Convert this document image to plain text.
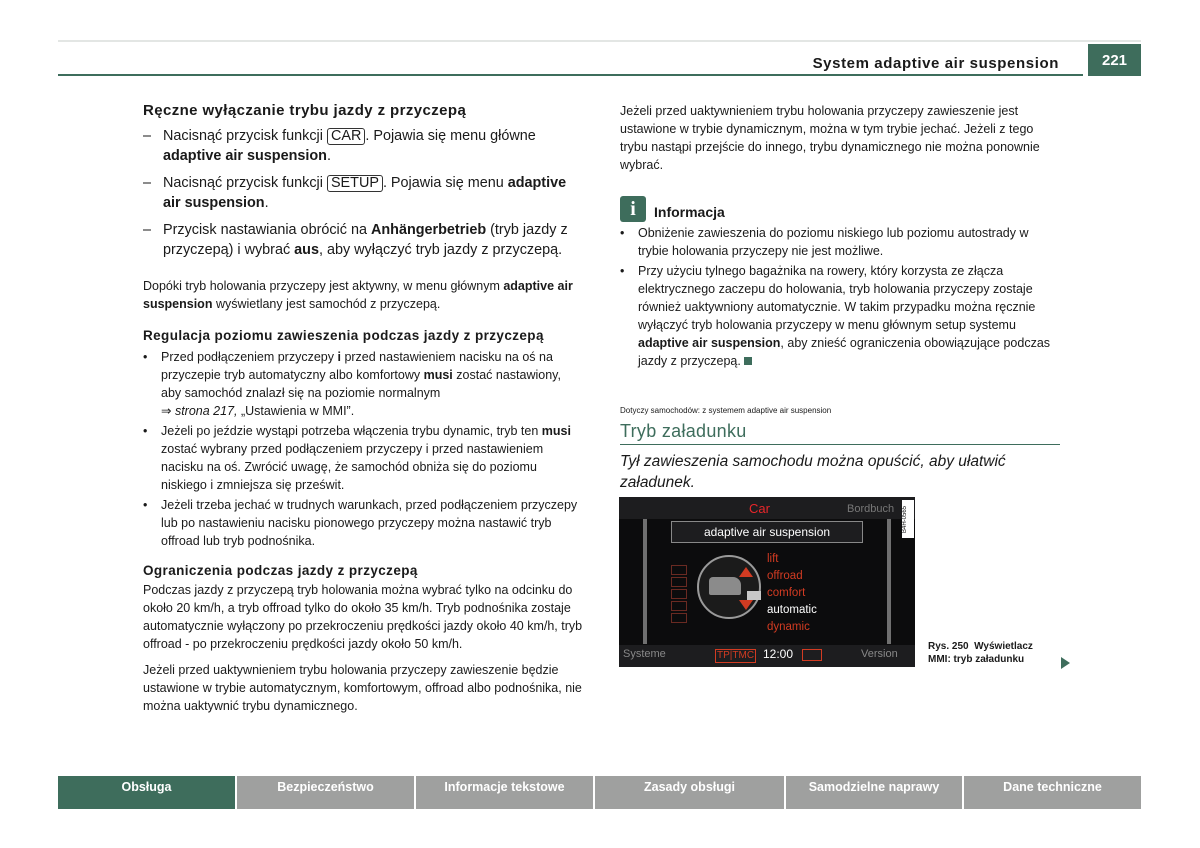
System adaptive air suspension	221
Ręczne wyłączanie trybu jazdy z przyczepą
– Nacisnąć przycisk funkcji CAR . Pojawia się menu główne adaptive air suspension.
– Nacisnąć przycisk funkcji SETUP . Pojawia się menu adaptive air suspension.
– Przycisk nastawiania obrócić na Anhängerbetrieb (tryb jazdy z przyczepą) i wybrać aus, aby wyłączyć tryb jazdy z przyczepą.
Dopóki tryb holowania przyczepy jest aktywny, w menu głównym adaptive air suspension wyświetlany jest samochód z przyczepą.
Regulacja poziomu zawieszenia podczas jazdy z przyczepą
•	Przed podłączeniem przyczepy i przed nastawieniem nacisku na oś na przyczepie tryb automatyczny albo komfortowy musi zostać nastawiony, aby samochód znalazł się na poziomie normalnym
⇒ strona 217, „Ustawienia w MMI”.
•	Jeżeli po jeździe wystąpi potrzeba włączenia trybu dynamic, tryb ten musi zostać wybrany przed podłączeniem przyczepy i przed nastawieniem nacisku na oś. Zwrócić uwagę, że samochód obniża się do poziomu niskiego i zmniejsza się prześwit.
•	Jeżeli trzeba jechać w trudnych warunkach, przed podłączeniem przyczepy lub po nastawieniu nacisku pionowego przyczepy można nastawić tryb offroad lub tryb podnośnika.
Ograniczenia podczas jazdy z przyczepą
Podczas jazdy z przyczepą tryb holowania można wybrać tylko na odcinku do około 20 km/h, a tryb offroad tylko do około 35 km/h. Tryb podnośnika zostaje automatycznie wyłączony po przekroczeniu prędkości jazdy około 40 km/h, tryb offroad - po przekroczeniu prędkości jazdy około 50 km/h.
Jeżeli przed uaktywnieniem trybu holowania przyczepy zawieszenie będzie ustawione w trybie automatycznym, komfortowym, offroad albo podnośnika, nie można uaktywnić trybu dynamicznego.
Jeżeli przed uaktywnieniem trybu holowania przyczepy zawieszenie jest ustawione w trybie dynamicznym, można w tym trybie jechać. Jeżeli z tego trybu nastąpi przejście do innego, trybu dynamicznego nie można ponownie wybrać.
i	Informacja
•	Obniżenie zawieszenia do poziomu niskiego lub poziomu autostrady w trybie holowania przyczepy nie jest możliwe.
•	Przy użyciu tylnego bagażnika na rowery, który korzysta ze złącza elektrycznego zaczepu do holowania, tryb holowania przyczepy zostaje również uaktywniony automatycznie. W takim przypadku można ręcznie wyłączyć tryb holowania przyczepy w menu głównym setup systemu adaptive air suspension, aby znieść ograniczenia obowiązujące podczas jazdy z przyczepą.
Dotyczy samochodów: z systemem adaptive air suspension
Tryb załadunku
Tył zawieszenia samochodu można opuścić, aby ułatwić załadunek.
Car	Bordbuch
adaptive air suspension
lift
offroad
comfort
automatic
dynamic
Systeme	TP|TMC 12:00	Version
B4H-0565
Rys. 250 Wyświetlacz
MMI: tryb załadunku
Obsługa	Bezpieczeństwo	Informacje tekstowe	Zasady obsługi	Samodzielne naprawy	Dane techniczne
